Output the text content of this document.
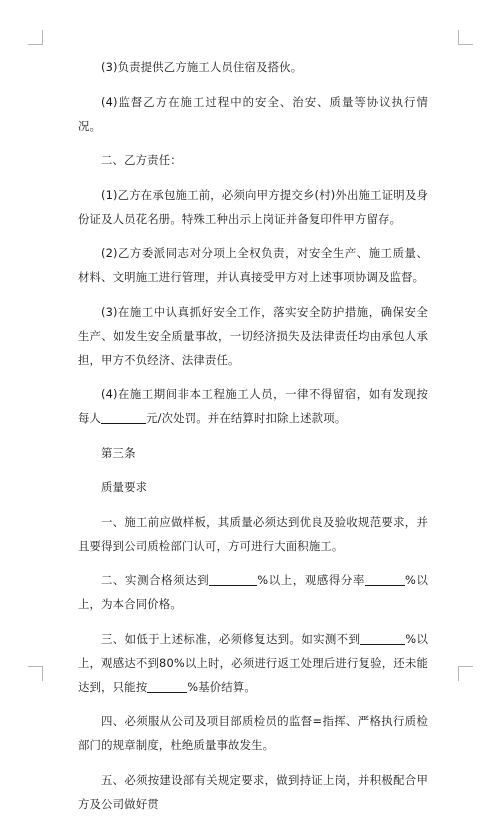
(3)负责提供乙方施工人员住宿及搭伙。

(4)监督乙方在施工过程中的安全、治安、质量等协议执行情况。

二、乙方责任：

(1)乙方在承包施工前，必须向甲方提交乡(村)外出施工证明及身份证及人员花名册。特殊工种出示上岗证并备复印件甲方留存。

(2)乙方委派同志对分项上全权负责，对安全生产、施工质量、材料、文明施工进行管理，并认真接受甲方对上述事项协调及监督。

(3)在施工中认真抓好安全工作，落实安全防护措施，确保安全生产、如发生安全质量事故，一切经济损失及法律责任均由承包人承担，甲方不负经济、法律责任。

(4)在施工期间非本工程施工人员，一律不得留宿，如有发现按每人	元/次处罚。并在结算时扣除上述款项。

第三条

质量要求

一、施工前应做样板，其质量必须达到优良及验收规范要求，并且要得到公司质检部门认可，方可进行大面积施工。

二、实测合格须达到	%以上，观感得分率	%以上，为本合同价格。

三、如低于上述标准，必须修复达到。如实测不到	%以上，观感达不到80%以上时，必须进行返工处理后进行复验，还未能达到，只能按	%基价结算。

四、必须服从公司及项目部质检员的监督=指挥、严格执行质检部门的规章制度，杜绝质量事故发生。

五、必须按建设部有关规定要求，做到持证上岗，并积极配合甲方及公司做好贯
